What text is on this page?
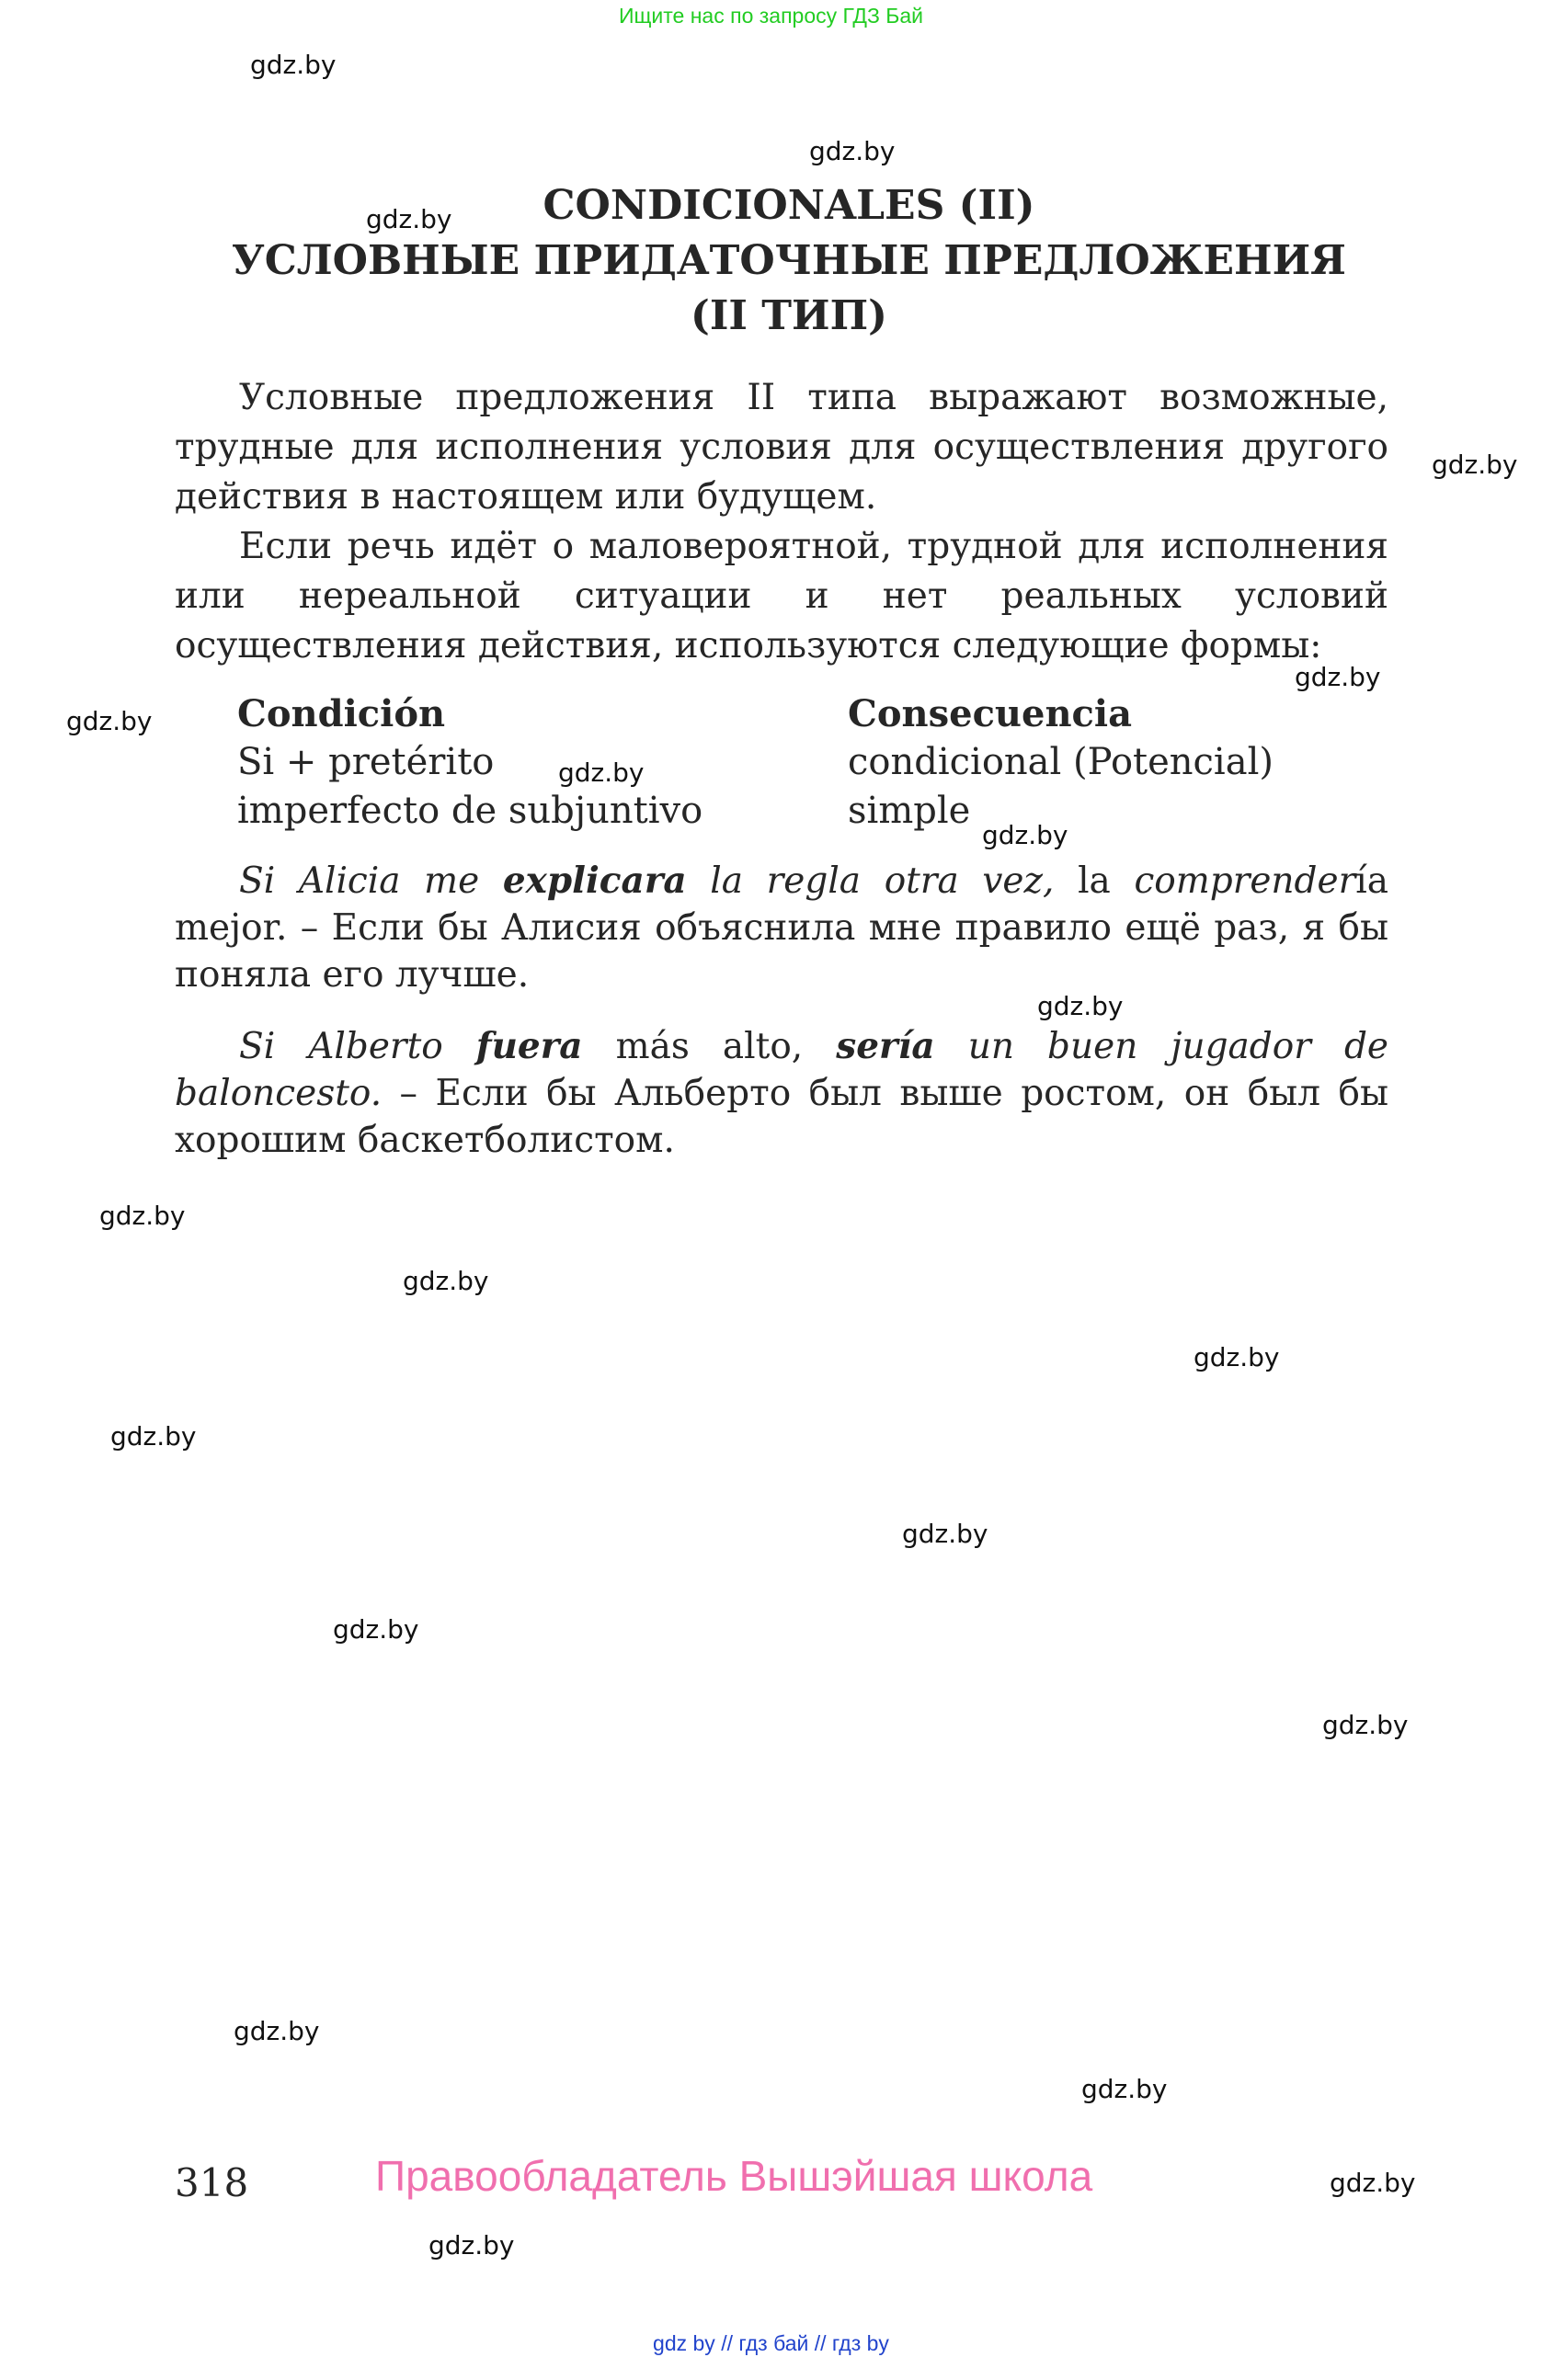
Ищите нас по запросу ГДЗ Бай
gdz.by
gdz.by
gdz.by
gdz.by
gdz.by
gdz.by
gdz.by
gdz.by
gdz.by
gdz.by
gdz.by
gdz.by
gdz.by
gdz.by
gdz.by
gdz.by
gdz.by
gdz.by
gdz.by
gdz.by
CONDICIONALES (II)
УСЛОВНЫЕ ПРИДАТОЧНЫЕ ПРЕДЛОЖЕНИЯ
(II ТИП)

Условные предложения II типа выражают возможные, трудные для исполнения условия для осуществления другого действия в настоящем или будущем.

Если речь идёт о маловероятной, трудной для исполнения или нереальной ситуации и нет реальных условий осуществления действия, используются следующие формы:

Condición
Si + pretérito
imperfecto de subjuntivo
Consecuencia
condicional (Potencial)
simple

Si Alicia me explicara la regla otra vez, la comprendería mejor. – Если бы Алисия объяснила мне правило ещё раз, я бы поняла его лучше.

Si Alberto fuera más alto, sería un buen jugador de baloncesto. – Если бы Альберто был выше ростом, он был бы хорошим баскетболистом.

318	Правообладатель Вышэйшая школа
gdz by // гдз бай // гдз by
